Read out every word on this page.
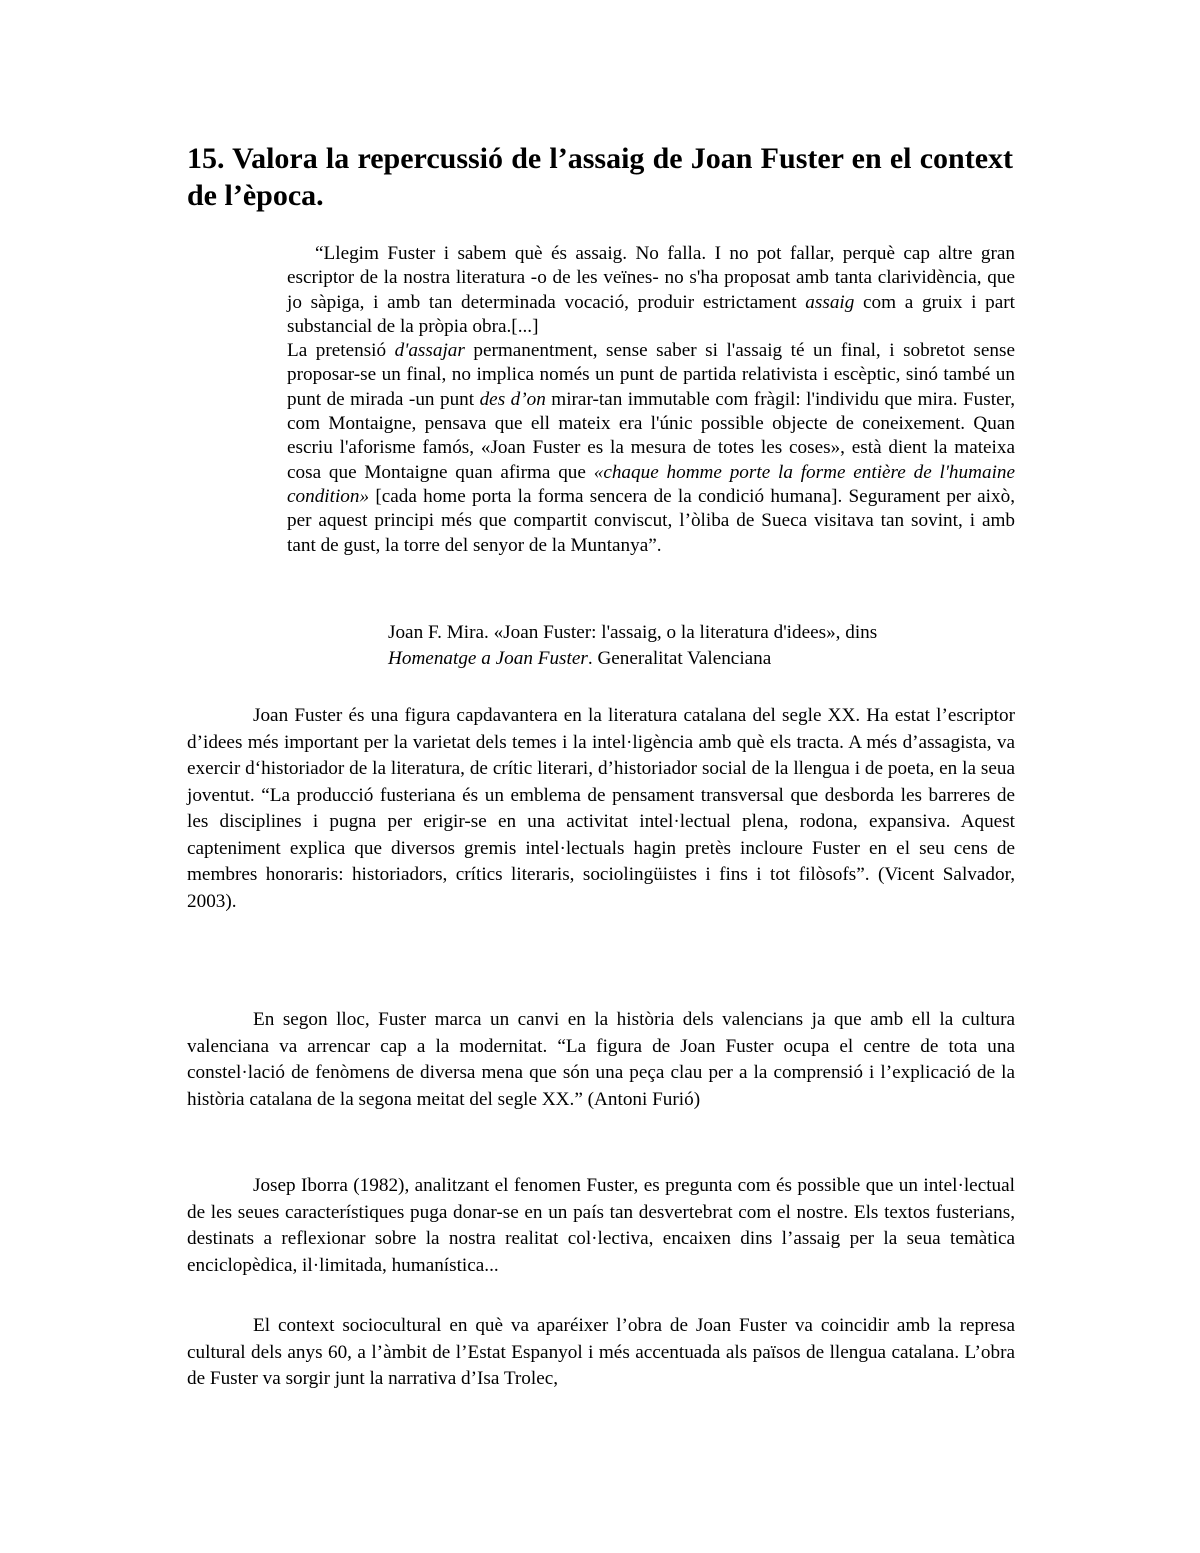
15. Valora la repercussió de l’assaig de Joan Fuster en el context de l’època.

“Llegim Fuster i sabem què és assaig. No falla. I no pot fallar, perquè cap altre gran escriptor de la nostra literatura -o de les veïnes- no s'ha proposat amb tanta clarividència, que jo sàpiga, i amb tan determinada vocació, produir estrictament assaig com a gruix i part substancial de la pròpia obra.[...]

La pretensió d'assajar permanentment, sense saber si l'assaig té un final, i sobretot sense proposar-se un final, no implica només un punt de partida relativista i escèptic, sinó també un punt de mirada -un punt des d’on mirar-tan immutable com fràgil: l'individu que mira. Fuster, com Montaigne, pensava que ell mateix era l'únic possible objecte de coneixement. Quan escriu l'aforisme famós, «Joan Fuster es la mesura de totes les coses», està dient la mateixa cosa que Montaigne quan afirma que «chaque homme porte la forme entière de l'humaine condition» [cada home porta la forma sencera de la condició humana]. Segurament per això, per aquest principi més que compartit conviscut, l’òliba de Sueca visitava tan sovint, i amb tant de gust, la torre del senyor de la Muntanya”.

Joan F. Mira. «Joan Fuster: l'assaig, o la literatura d'idees», dins
Homenatge a Joan Fuster. Generalitat Valenciana

Joan Fuster és una figura capdavantera en la literatura catalana del segle XX. Ha estat l’escriptor d’idees més important per la varietat dels temes i la intel·ligència amb què els tracta. A més d’assagista, va exercir d‘historiador de la literatura, de crític literari, d’historiador social de la llengua i de poeta, en la seua joventut. “La producció fusteriana és un emblema de pensament transversal que desborda les barreres de les disciplines i pugna per erigir-se en una activitat intel·lectual plena, rodona, expansiva. Aquest capteniment explica que diversos gremis intel·lectuals hagin pretès incloure Fuster en el seu cens de membres honoraris: historiadors, crítics literaris, sociolingüistes i fins i tot filòsofs”. (Vicent Salvador, 2003).

En segon lloc, Fuster marca un canvi en la història dels valencians ja que amb ell la cultura valenciana va arrencar cap a la modernitat. “La figura de Joan Fuster ocupa el centre de tota una constel·lació de fenòmens de diversa mena que són una peça clau per a la comprensió i l’explicació de la història catalana de la segona meitat del segle XX.” (Antoni Furió)

Josep Iborra (1982), analitzant el fenomen Fuster, es pregunta com és possible que un intel·lectual de les seues característiques puga donar-se en un país tan desvertebrat com el nostre. Els textos fusterians, destinats a reflexionar sobre la nostra realitat col·lectiva, encaixen dins l’assaig per la seua temàtica enciclopèdica, il·limitada, humanística...

El context sociocultural en què va aparéixer l’obra de Joan Fuster va coincidir amb la represa cultural dels anys 60, a l’àmbit de l’Estat Espanyol i més accentuada als països de llengua catalana. L’obra de Fuster va sorgir junt la narrativa d’Isa Trolec,
